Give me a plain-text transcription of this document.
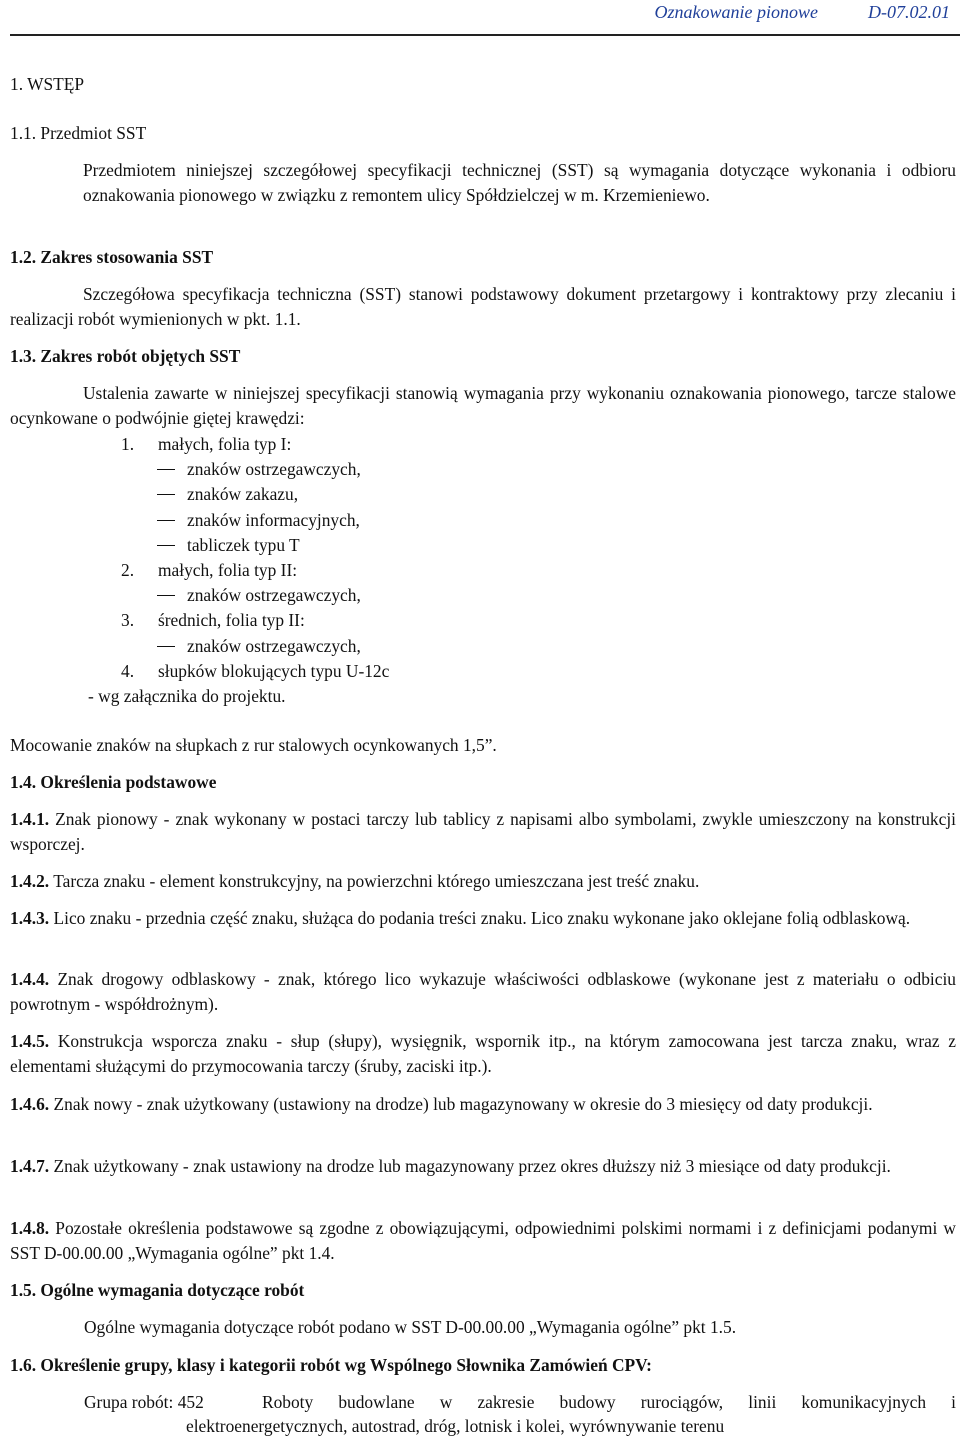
Oznakowanie pionowe	D-07.02.01
1. WSTĘP
1.1. Przedmiot SST
Przedmiotem niniejszej szczegółowej specyfikacji technicznej (SST) są wymagania dotyczące wykonania i odbioru oznakowania pionowego w związku z remontem ulicy Spółdzielczej w m. Krzemieniewo.
1.2. Zakres stosowania SST
Szczegółowa specyfikacja techniczna (SST) stanowi podstawowy dokument przetargowy i kontraktowy przy zlecaniu i realizacji robót wymienionych w pkt. 1.1.
1.3. Zakres robót objętych SST
Ustalenia zawarte w niniejszej specyfikacji stanowią wymagania przy wykonaniu oznakowania pionowego, tarcze stalowe ocynkowane o podwójnie giętej krawędzi:
1. małych, folia typ I:
znaków ostrzegawczych,
znaków zakazu,
znaków informacyjnych,
tabliczek typu T
2. małych, folia typ II:
znaków ostrzegawczych,
3. średnich, folia typ II:
znaków ostrzegawczych,
4. słupków blokujących typu U-12c
- wg załącznika do projektu.
Mocowanie znaków na słupkach z rur stalowych ocynkowanych 1,5”.
1.4. Określenia podstawowe
1.4.1. Znak pionowy - znak wykonany w postaci tarczy lub tablicy z napisami albo symbolami, zwykle umieszczony na konstrukcji wsporczej.
1.4.2. Tarcza znaku - element konstrukcyjny, na powierzchni którego umieszczana jest treść znaku.
1.4.3. Lico znaku - przednia część znaku, służąca do podania treści znaku. Lico znaku wykonane jako oklejane folią odblaskową.
1.4.4. Znak drogowy odblaskowy - znak, którego lico wykazuje właściwości odblaskowe (wykonane jest z materiału o odbiciu powrotnym - współdrożnym).
1.4.5. Konstrukcja wsporcza znaku - słup (słupy), wysięgnik, wspornik itp., na którym zamocowana jest tarcza znaku, wraz z elementami służącymi do przymocowania tarczy (śruby, zaciski itp.).
1.4.6. Znak nowy - znak użytkowany (ustawiony na drodze) lub magazynowany w okresie do 3 miesięcy od daty produkcji.
1.4.7. Znak użytkowany - znak ustawiony na drodze lub magazynowany przez okres dłuższy niż 3 miesiące od daty produkcji.
1.4.8. Pozostałe określenia podstawowe są zgodne z obowiązującymi, odpowiednimi polskimi normami i z definicjami podanymi w SST D-00.00.00 „Wymagania ogólne” pkt 1.4.
1.5. Ogólne wymagania dotyczące robót
Ogólne wymagania dotyczące robót podano w SST D-00.00.00 „Wymagania ogólne” pkt 1.5.
1.6. Określenie grupy, klasy i kategorii robót wg Wspólnego Słownika Zamówień CPV:
Grupa robót: 452	Roboty budowlane w zakresie budowy rurociągów, linii komunikacyjnych i
elektroenergetycznych, autostrad, dróg, lotnisk i kolei, wyrównywanie terenu
